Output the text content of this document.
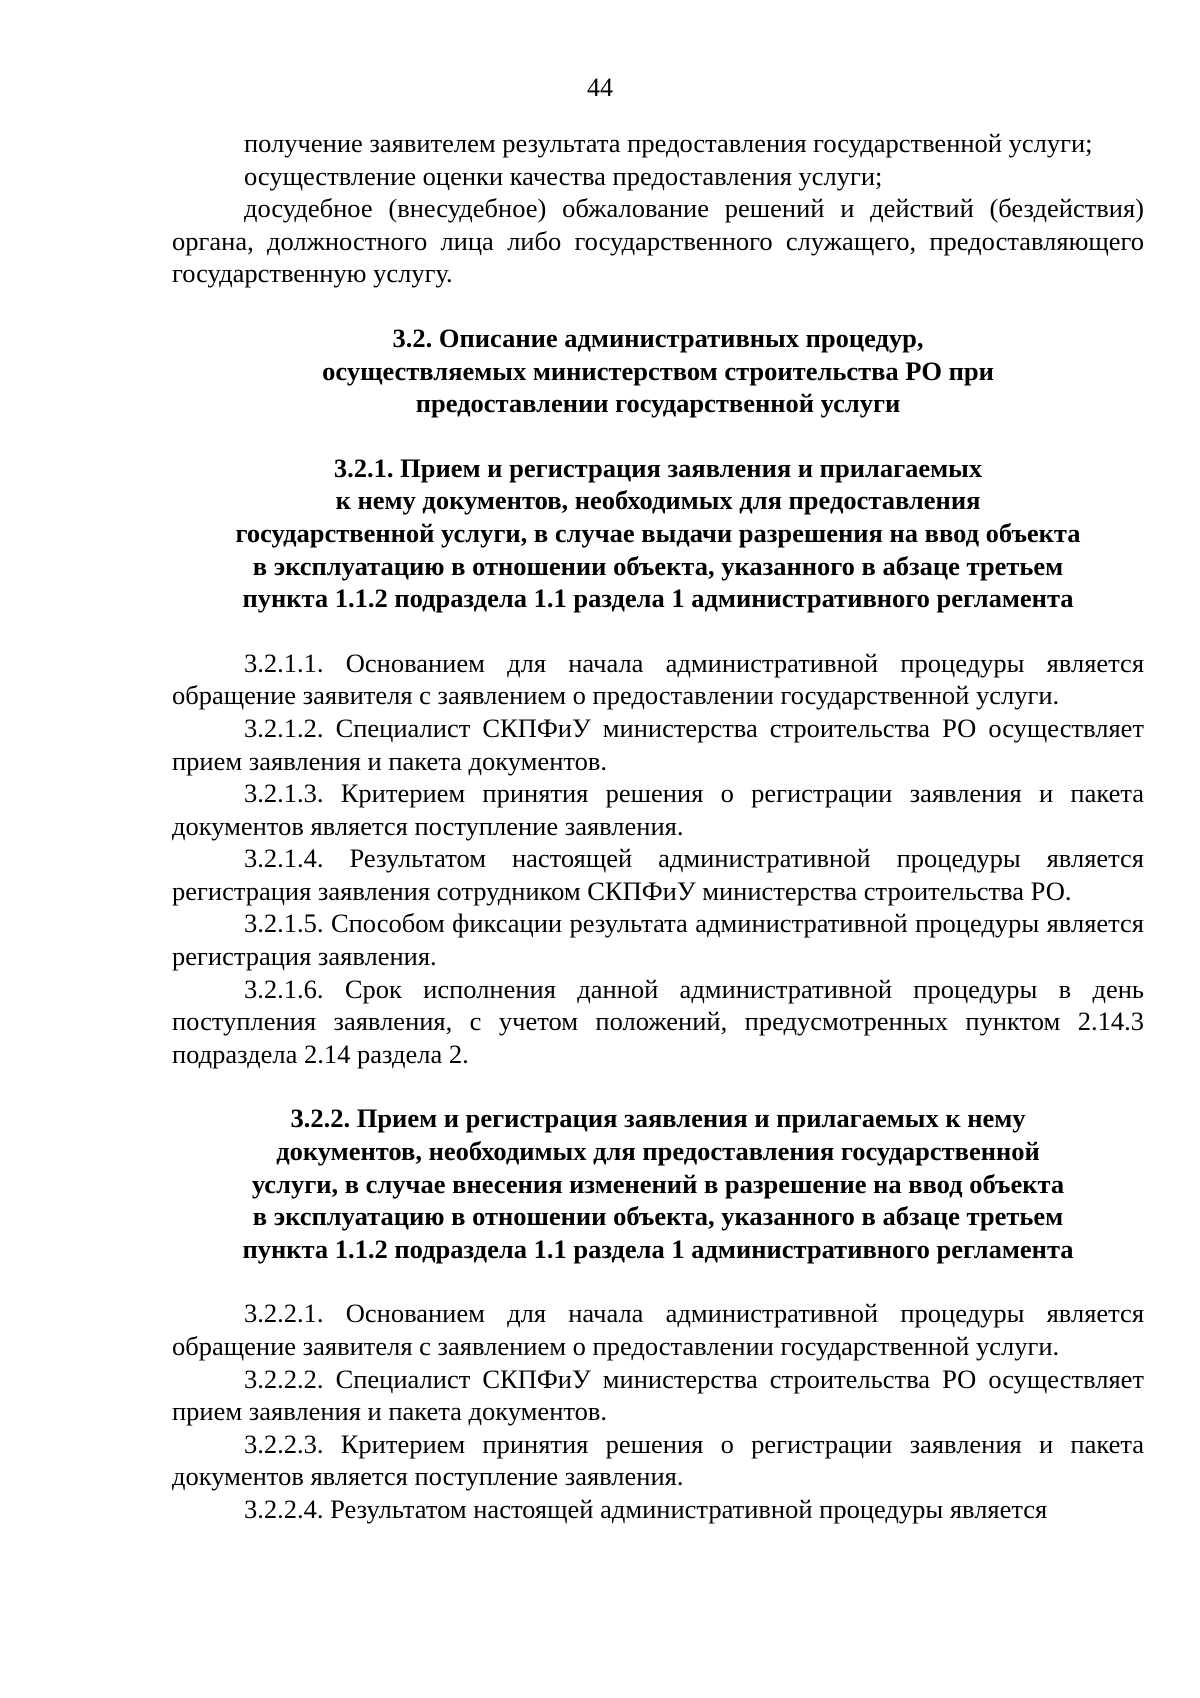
44

получение заявителем результата предоставления государственной услуги;

осуществление оценки качества предоставления услуги;

досудебное (внесудебное) обжалование решений и действий (бездействия) органа, должностного лица либо государственного служащего, предоставляющего государственную услугу.

3.2. Описание административных процедур,
осуществляемых министерством строительства РО при
предоставлении государственной услуги
3.2.1. Прием и регистрация заявления и прилагаемых
к нему документов, необходимых для предоставления
государственной услуги, в случае выдачи разрешения на ввод объекта
в эксплуатацию в отношении объекта, указанного в абзаце третьем
пункта 1.1.2 подраздела 1.1 раздела 1 административного регламента

3.2.1.1. Основанием для начала административной процедуры является обращение заявителя с заявлением о предоставлении государственной услуги.

3.2.1.2. Специалист СКПФиУ министерства строительства РО осуществляет прием заявления и пакета документов.

3.2.1.3. Критерием принятия решения о регистрации заявления и пакета документов является поступление заявления.

3.2.1.4. Результатом настоящей административной процедуры является регистрация заявления сотрудником СКПФиУ министерства строительства РО.

3.2.1.5. Способом фиксации результата административной процедуры является регистрация заявления.

3.2.1.6. Срок исполнения данной административной процедуры в день поступления заявления, с учетом положений, предусмотренных пунктом 2.14.3 подраздела 2.14 раздела 2.

3.2.2. Прием и регистрация заявления и прилагаемых к нему
документов, необходимых для предоставления государственной
услуги, в случае внесения изменений в разрешение на ввод объекта
в эксплуатацию в отношении объекта, указанного в абзаце третьем
пункта 1.1.2 подраздела 1.1 раздела 1 административного регламента

3.2.2.1. Основанием для начала административной процедуры является обращение заявителя с заявлением о предоставлении государственной услуги.

3.2.2.2. Специалист СКПФиУ министерства строительства РО осуществляет прием заявления и пакета документов.

3.2.2.3. Критерием принятия решения о регистрации заявления и пакета документов является поступление заявления.

3.2.2.4. Результатом настоящей административной процедуры является
